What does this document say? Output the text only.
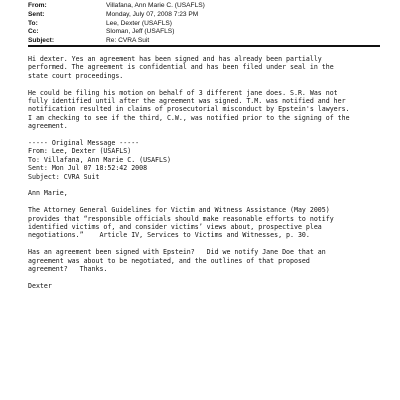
From:	Villafana, Ann Marie C. (USAFLS)
Sent:	Monday, July 07, 2008 7:23 PM
To:	Lee, Dexter (USAFLS)
Cc:	Sloman, Jeff (USAFLS)
Subject:	Re: CVRA Suit

Hi dexter. Yes an agreement has been signed and has already been partially
performed. The agreement is confidential and has been filed under seal in the
state court proceedings.

He could be filing his motion on behalf of 3 different jane does. S.R. Was not
fully identified until after the agreement was signed. T.M. was notified and her
notification resulted in claims of prosecutorial misconduct by Epstein's lawyers.
I am checking to see if the third, C.W., was notified prior to the signing of the
agreement.

----- Original Message -----
From: Lee, Dexter (USAFLS)
To: Villafana, Ann Marie C. (USAFLS)
Sent: Mon Jul 07 18:52:42 2008
Subject: CVRA Suit

Ann Marie,

The Attorney General Guidelines for Victim and Witness Assistance (May 2005)
provides that “responsible officials should make reasonable efforts to notify
identified victims of, and consider victims’ views about, prospective plea
negotiations.”    Article IV, Services to Victims and Witnesses, p. 30.

Has an agreement been signed with Epstein?   Did we notify Jane Doe that an
agreement was about to be negotiated, and the outlines of that proposed
agreement?   Thanks.

Dexter
